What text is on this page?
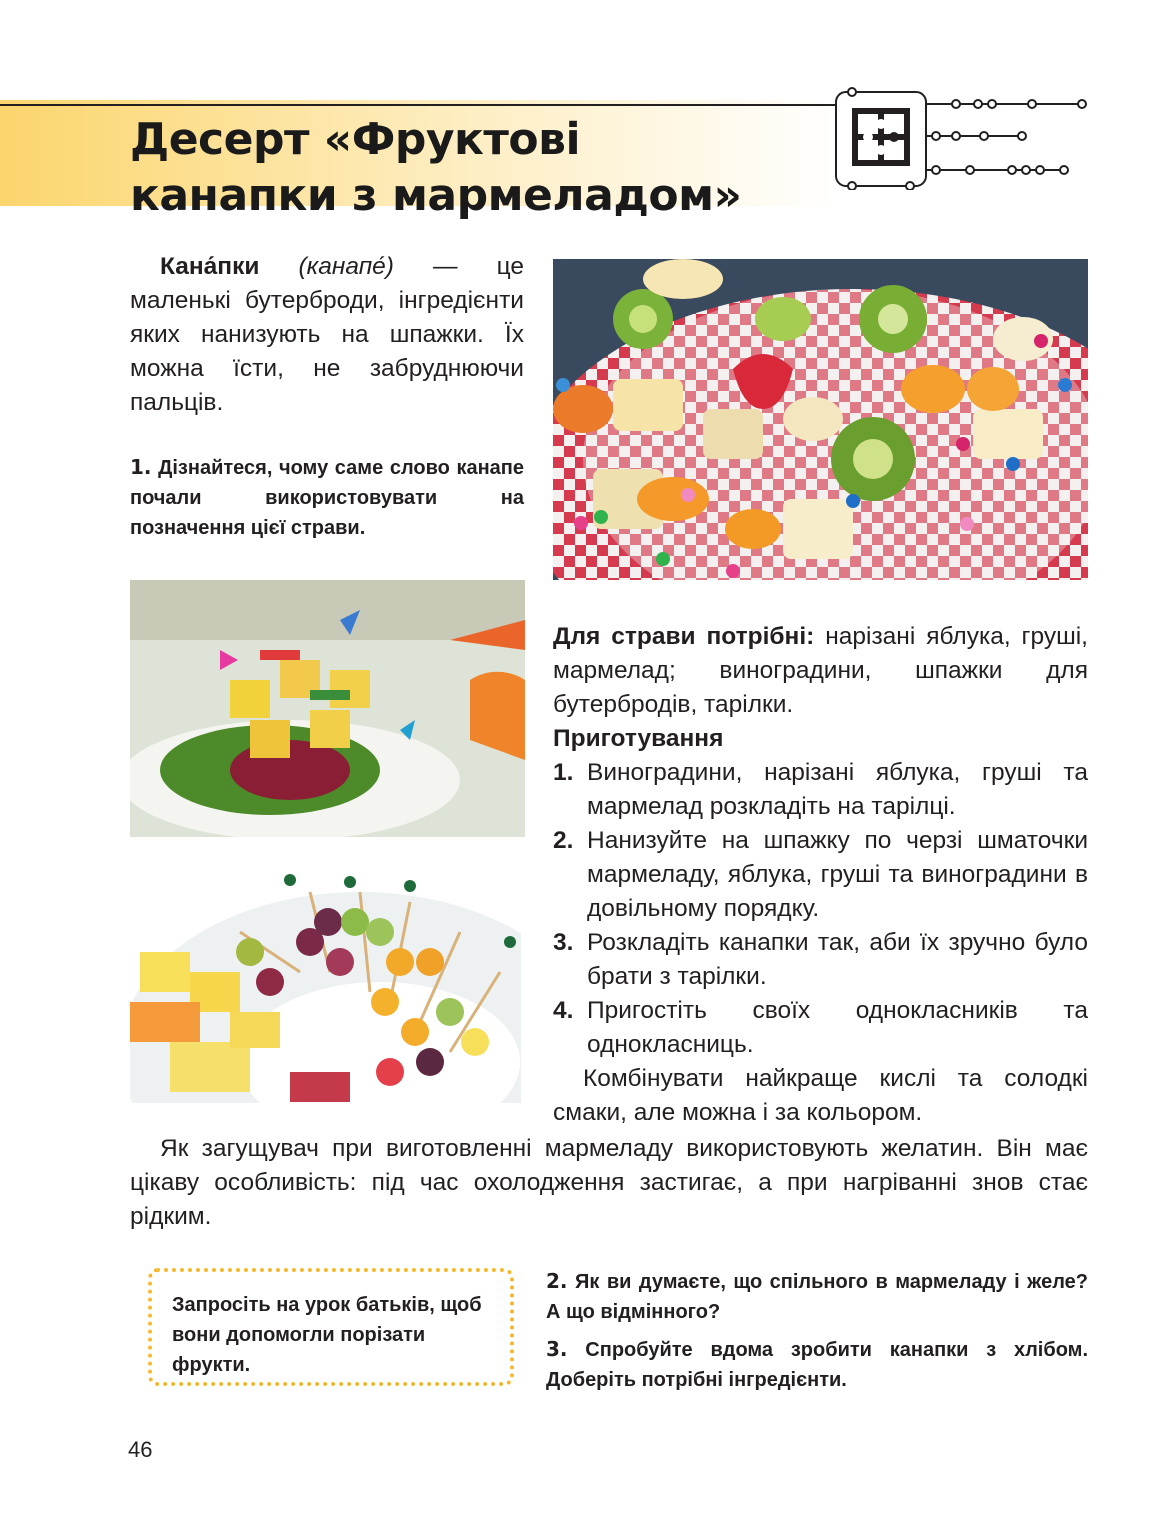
Десерт «Фруктові
канапки з мармеладом»

Кана́пки (канапе́) — це маленькі бутерброди, інгредієнти яких нанизують на шпажки. Їх можна їсти, не забруднюючи пальців.

1. Дізнайтеся, чому саме слово канапе почали використовувати на позначення цієї страви.

Для страви потрібні: нарізані яблука, груші, мармелад; виноградини, шпажки для бутербродів, тарілки.

Приготування

1. Виноградини, нарізані яблука, груші та мармелад розкладіть на тарілці.
2. Нанизуйте на шпажку по черзі шматочки мармеладу, яблука, груші та виноградини в довільному порядку.
3. Розкладіть канапки так, аби їх зручно було брати з тарілки.
4. Пригостіть своїх однокласників та однокласниць.

Комбінувати найкраще кислі та солодкі смаки, але можна і за кольором.

Як загущувач при виготовленні мармеладу використовують желатин. Він має цікаву особливість: під час охолодження застигає, а при нагріванні знов стає рідким.

Запросіть на урок батьків, щоб вони допомогли порізати фрукти.
2. Як ви думаєте, що спільного в мармеладу і желе? А що відмінного?
3. Спробуйте вдома зробити канапки з хлібом. Доберіть потрібні інгредієнти.
46
